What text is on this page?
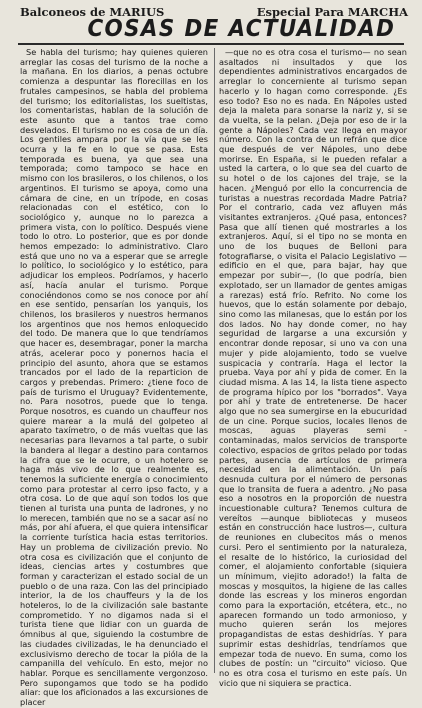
Balconeos de MARIUS	Especial Para MARCHA
COSAS DE ACTUALIDAD

Se habla del turismo; hay quienes quieren arreglar las cosas del turismo de la noche a la mañana. En los diarios, a penas octubre comienza a despuntar las florecillas en los frutales campesinos, se habla del problema del turismo; los editorialistas, los sueltistas, los comentaristas, hablan de la solución de este asunto que a tantos trae como desvelados. El turismo no es cosa de un día. Los gentiles ampara por la vía que se les ocurra y la fe en lo que se pasa. Esta temporada es buena, ya que sea una temporada; como tampoco se hace en mismo con los brasileros, o los chilenos, o los argentinos. El turismo se apoya, como una cámara de cine, en un trípode, en cosas relacionadas con el estético, con lo sociológico y, aunque no lo parezca a primera vista, con lo político. Después viene todo lo otro. Lo posterior, que es por donde hemos empezado: lo administrativo. Claro está que uno no va a esperar que se arregle lo político, lo sociológico y lo estético, para adjudicar los empleos. Podríamos, y hacerlo así, hacía anular el turismo. Porque conociéndonos como se nos conoce por ahí en ese sentido, pensarían los yanquis, los chilenos, los brasileros y nuestros hermanos los argentinos que nos hemos enloquecido del todo. De manera que lo que tendríamos que hacer es, desembragar, poner la marcha atrás, acelerar poco y ponernos hacia el principio del asunto, ahora que se estamos trancados por el lado de la reparticion de cargos y prebendas. Primero: ¿tiene foco de país de turismo el Uruguay? Evidentemente, no. Para nosotros, puede que lo tenga. Porque nosotros, es cuando un chauffeur nos quiere marear a la mulá del golpeteo al aparato taxímetro, o de más vueltas que las necesarias para llevarnos a tal parte, o subir la bandera al llegar a destino para contarnos la cifra que se le ocurre, o un hotelero se haga más vivo de lo que realmente es, tenemos la suficiente energía o conocimiento como para protestar al cerro ipso facto, y a otra cosa. Lo de que aquí son todos los que tienen al turista una punta de ladrones, y no lo merecen, también que no se a sacar así no más, por ahí afuera, el que quiera intensificar la corriente turística hacia estas territorios. Hay un problema de civilización previo. No otra cosa es civilización que el conjunto de ideas, ciencias artes y costumbres que forman y caracterizan el estado social de un pueblo o de una raza. Con las del principiado interior, la de los chauffeurs y la de los hoteleros, lo de la civilización sale bastante comprometido. Y no digamos nada si el turista tiene que lidiar con un guarda de ómnibus al que, siguiendo la costumbre de las ciudades civilizadas, le ha denunciado el exclusivismo derecho de tocar la pióla de la campanilla del vehículo. En esto, mejor no hablar. Porque es sencillamente vergonzoso. Pero supongamos que todo se ha podido aliar: que los aficionados a las excursiones de placer

—que no es otra cosa el turismo— no sean asaltados ni insultados y que los dependientes administrativos encargados de arreglar lo concerniente al turismo sepan hacerlo y lo hagan como corresponde. ¿Es eso todo? Eso no es nada. En Nápoles usted deja la maleta para sonarse la nariz y, si se da vuelta, se la pelan. ¿Deja por eso de ir la gente a Nápoles? Cada vez llega en mayor número. Con la contra de un refrán que dice que después de ver Nápoles, uno debe morirse. En España, si le pueden refalar a usted la cartera, o lo que sea del cuarto de su hotel o de los cajones del traje, se la hacen. ¿Menguó por ello la concurrencia de turistas a nuestras recordada Madre Patria? Por el contrario, cada vez afluyen más visitantes extranjeros. ¿Qué pasa, entonces? Pasa que allí tienen qué mostrarles a los extranjeros. Aquí, si el tipo no se monta en uno de los buques de Belloni para fotografiarse, o visita el Palacio Legislativo —edificio en el que, para bajar, hay que empezar por subir—, (lo que podría, bien explotado, ser un llamador de gentes amigas a rarezas) está frío. Refrito. No come los huevos, que lo están solamente por debajo, sino como las milanesas, que lo están por los dos lados. No hay donde comer, no hay seguridad de largarse a una excursión y encontrar donde reposar, si uno va con una mujer y pide alojamiento, todo se vuelve suspicacia y contraría. Haga el lector la prueba. Vaya por ahí y pida de comer. En la ciudad misma. A las 14, la lista tiene aspecto de programa hípico por los "borrados". Vaya por ahí y trate de entretenerse. De hacer algo que no sea sumergirse en la ebucuridad de un cine. Porque sucios, locales llenos de moscas, aguas playeras semi - contaminadas, malos servicios de transporte colectivo, espacios de gritos pelado por todas partes, ausencia de artículos de primera necesidad en la alimentación. Un país desnuda cultura por el número de personas que lo transita de fuera a adentro. ¿No pasa eso a nosotros en la proporción de nuestra incuestionable cultura? Tenemos cultura de vereítos —aunque bibliotecas y museos están en construcción hace lustros—, cultura de reuniones en clubecitos más o menos cursi. Pero el sentimiento por la naturaleza, el resalte de lo histórico, la curiosidad del comer, el alojamiento confortable (siquiera un mínimum, viejito adorado!) la falta de moscas y mosquitos, la higiene de las calles donde las escreas y los mineros engordan como para la exportación, etcétera, etc., no aparecen formando un todo armonioso, y mucho quieren serán los mejores propagandistas de estas deshidrías. Y para suprimir estas deshidrías, tendríamos que empezar toda de nuevo. En suma, como los clubes de postín: un "circuito" vicioso. Que no es otra cosa el turismo en este país. Un vicio que ni siquiera se practica.
